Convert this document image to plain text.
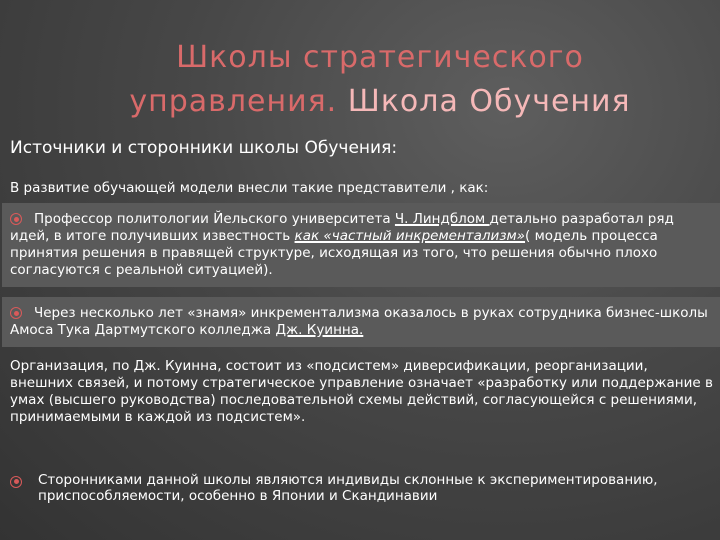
Школы стратегического
управления. Школа Обучения
Источники и сторонники школы Обучения:
В развитие обучающей модели внесли такие представители , как:
Профессор политологии Йельского университета Ч. Линдблом детально разработал ряд идей, в итоге получивших известность как «частный инкрементализм»( модель процесса принятия решения в правящей структуре, исходящая из того, что решения обычно плохо согласуются с реальной ситуацией).
Через несколько лет «знамя» инкрементализма оказалось в руках сотрудника бизнес-школы Амоса Тука Дартмутского колледжа Дж. Куинна.
Организация, по Дж. Куинна, состоит из «подсистем» диверсификации, реорганизации, внешних связей, и потому стратегическое управление означает «разработку или поддержание в умах (высшего руководства) последовательной схемы действий, согласующейся с решениями, принимаемыми в каждой из подсистем».
Сторонниками данной школы являются индивиды склонные к экспериментированию, приспособляемости, особенно в Японии и Скандинавии
